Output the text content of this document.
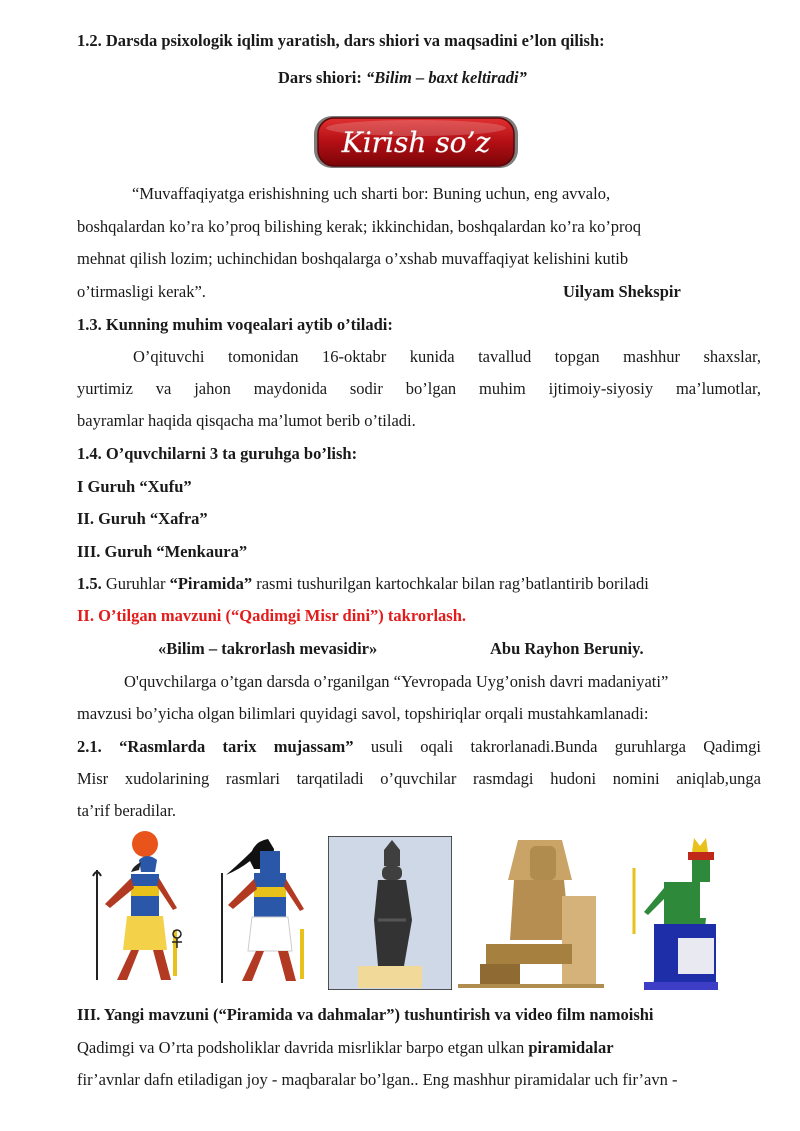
1.2. Darsda psixologik iqlim yaratish, dars shiori va maqsadini e’lon qilish:
Dars shiori: “Bilim – baxt keltiradi”
Kirish so’z
“Muvaffaqiyatga erishishning uch sharti bor: Buning uchun, eng avvalo,
boshqalardan ko’ra ko’proq bilishing kerak; ikkinchidan, boshqalardan ko’ra ko’proq
mehnat qilish lozim; uchinchidan boshqalarga o’xshab muvaffaqiyat kelishini kutib
o’tirmasligi kerak”.	Uilyam Shekspir
1.3. Kunning muhim voqealari aytib o’tiladi:
O’qituvchi tomonidan 16-oktabr kunida tavallud topgan mashhur shaxslar,
yurtimiz va jahon maydonida sodir bo’lgan muhim ijtimoiy-siyosiy ma’lumotlar,
bayramlar haqida qisqacha ma’lumot berib o’tiladi.
1.4. O’quvchilarni 3 ta guruhga bo’lish:
I Guruh “Xufu”
II. Guruh “Xafra”
III. Guruh “Menkaura”
1.5. Guruhlar “Piramida” rasmi tushurilgan kartochkalar bilan rag’batlantirib boriladi
II. O’tilgan mavzuni (“Qadimgi Misr dini”) takrorlash.
«Bilim – takrorlash mevasidir»	Abu Rayhon Beruniy.
O'quvchilarga o’tgan darsda o’rganilgan “Yevropada Uyg’onish davri madaniyati”
mavzusi bo’yicha olgan bilimlari quyidagi savol, topshiriqlar orqali mustahkamlanadi:
2.1. “Rasmlarda tarix mujassam” usuli oqali takrorlanadi.Bunda guruhlarga Qadimgi
Misr xudolarining rasmlari tarqatiladi o’quvchilar rasmdagi hudoni nomini aniqlab,unga
ta’rif beradilar.
III. Yangi mavzuni (“Piramida va dahmalar”) tushuntirish va video film namoishi
Qadimgi va O’rta podsholiklar davrida misrliklar barpo etgan ulkan piramidalar
fir’avnlar dafn etiladigan joy - maqbaralar bo’lgan.. Eng mashhur piramidalar uch fir’avn -
